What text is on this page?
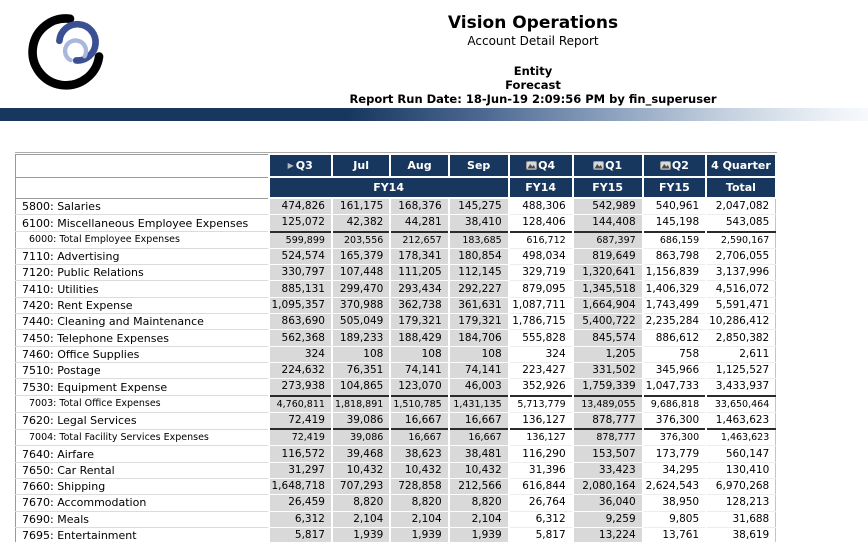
Vision Operations
Account Detail Report
Entity
Forecast
Report Run Date: 18-Jun-19 2:09:56 PM by fin_superuser
	▶ Q3	Jul	Aug	Sep	Q4	Q1	Q2	4 Quarter
	FY14				FY14	FY15	FY15	Total
5800: Salaries	474,826	161,175	168,376	145,275	488,306	542,989	540,961	2,047,082
6100: Miscellaneous Employee Expenses	125,072	42,382	44,281	38,410	128,406	144,408	145,198	543,085
6000: Total Employee Expenses	599,899	203,556	212,657	183,685	616,712	687,397	686,159	2,590,167
7110: Advertising	524,574	165,379	178,341	180,854	498,034	819,649	863,798	2,706,055
7120: Public Relations	330,797	107,448	111,205	112,145	329,719	1,320,641	1,156,839	3,137,996
7410: Utilities	885,131	299,470	293,434	292,227	879,095	1,345,518	1,406,329	4,516,072
7420: Rent Expense	1,095,357	370,988	362,738	361,631	1,087,711	1,664,904	1,743,499	5,591,471
7440: Cleaning and Maintenance	863,690	505,049	179,321	179,321	1,786,715	5,400,722	2,235,284	10,286,412
7450: Telephone Expenses	562,368	189,233	188,429	184,706	555,828	845,574	886,612	2,850,382
7460: Office Supplies	324	108	108	108	324	1,205	758	2,611
7510: Postage	224,632	76,351	74,141	74,141	223,427	331,502	345,966	1,125,527
7530: Equipment Expense	273,938	104,865	123,070	46,003	352,926	1,759,339	1,047,733	3,433,937
7003: Total Office Expenses	4,760,811	1,818,891	1,510,785	1,431,135	5,713,779	13,489,055	9,686,818	33,650,464
7620: Legal Services	72,419	39,086	16,667	16,667	136,127	878,777	376,300	1,463,623
7004: Total Facility Services Expenses	72,419	39,086	16,667	16,667	136,127	878,777	376,300	1,463,623
7640: Airfare	116,572	39,468	38,623	38,481	116,290	153,507	173,779	560,147
7650: Car Rental	31,297	10,432	10,432	10,432	31,396	33,423	34,295	130,410
7660: Shipping	1,648,718	707,293	728,858	212,566	616,844	2,080,164	2,624,543	6,970,268
7670: Accommodation	26,459	8,820	8,820	8,820	26,764	36,040	38,950	128,213
7690: Meals	6,312	2,104	2,104	2,104	6,312	9,259	9,805	31,688
7695: Entertainment	5,817	1,939	1,939	1,939	5,817	13,224	13,761	38,619
